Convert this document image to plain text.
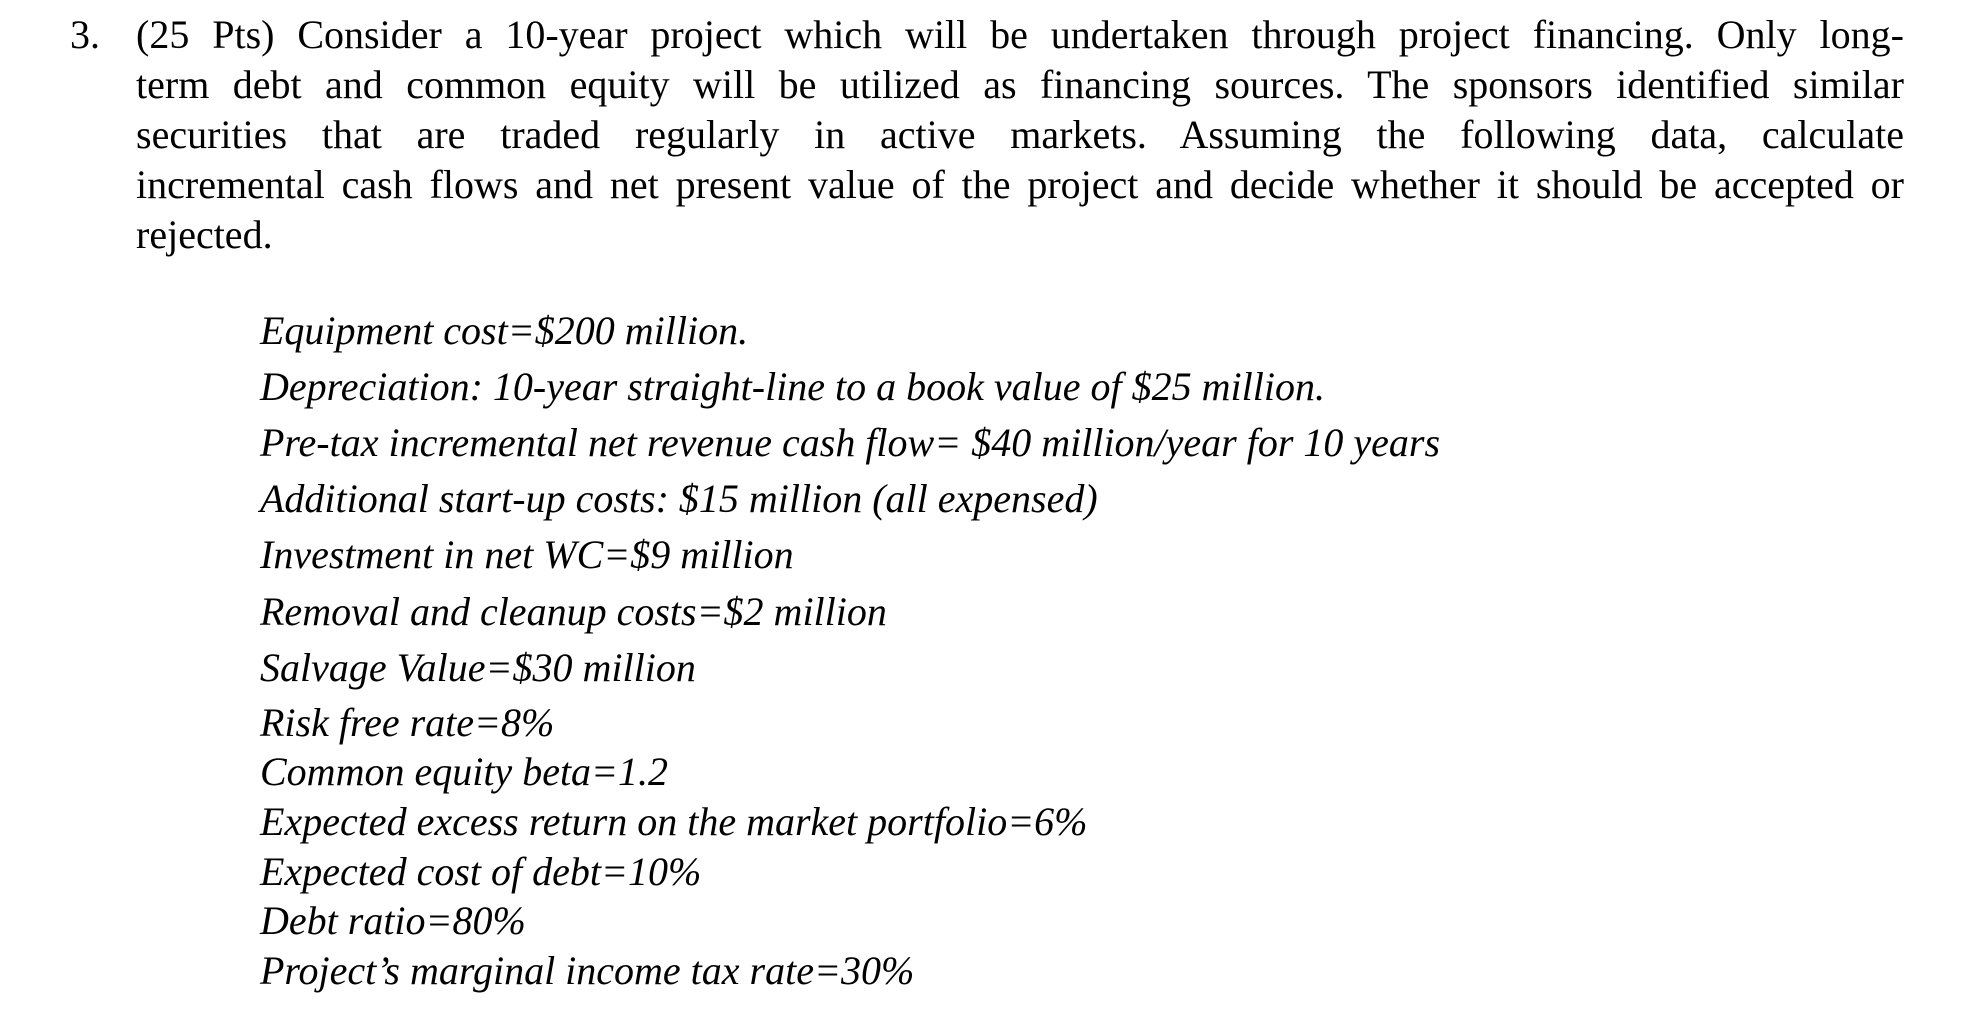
3. (25 Pts) Consider a 10-year project which will be undertaken through project financing. Only long-
term debt and common equity will be utilized as financing sources. The sponsors identified similar
securities that are traded regularly in active markets. Assuming the following data, calculate
incremental cash flows and net present value of the project and decide whether it should be accepted or
rejected.
Equipment cost=$200 million.
Depreciation: 10-year straight-line to a book value of $25 million.
Pre-tax incremental net revenue cash flow= $40 million/year for 10 years
Additional start-up costs: $15 million (all expensed)
Investment in net WC=$9 million
Removal and cleanup costs=$2 million
Salvage Value=$30 million
Risk free rate=8%
Common equity beta=1.2
Expected excess return on the market portfolio=6%
Expected cost of debt=10%
Debt ratio=80%
Project’s marginal income tax rate=30%
